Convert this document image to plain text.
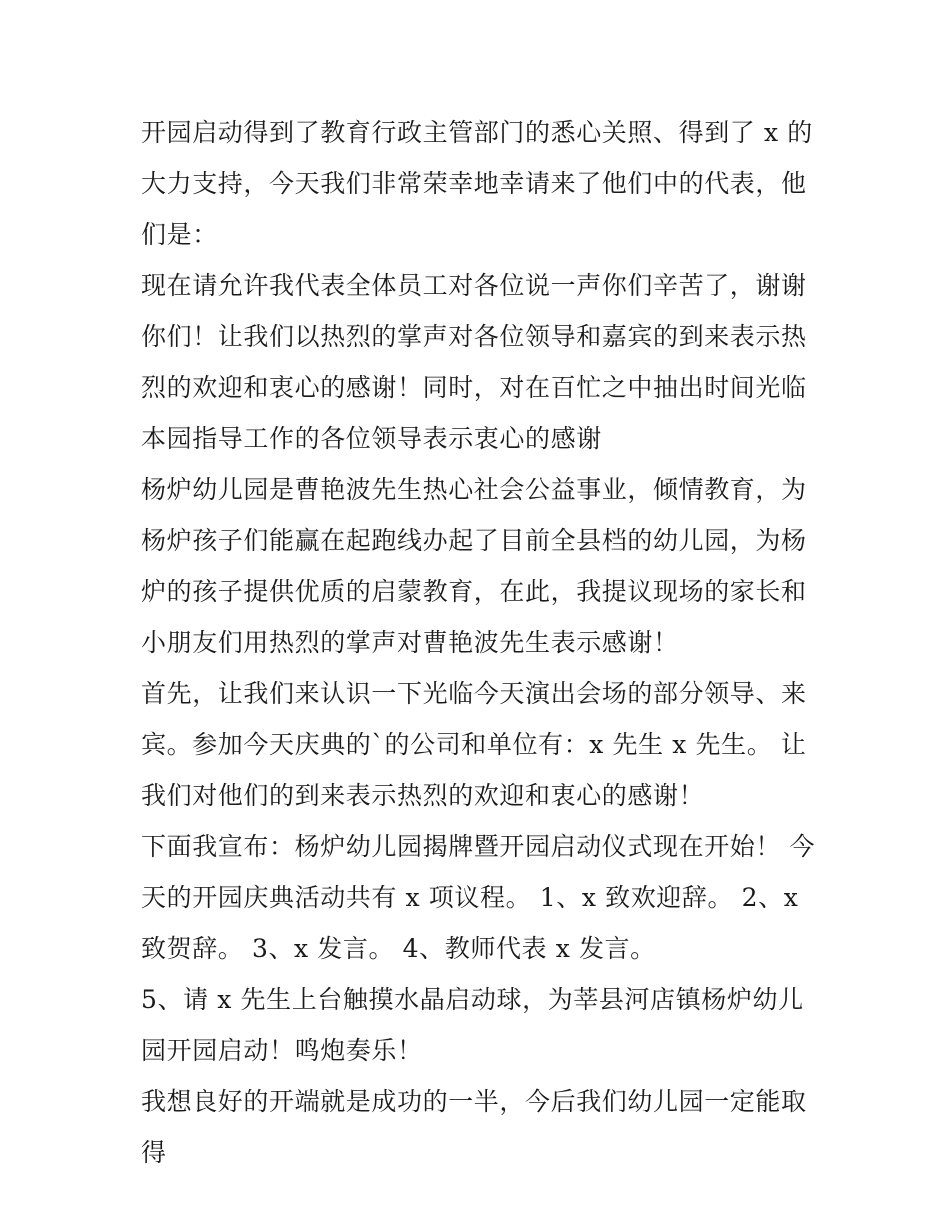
开园启动得到了教育行政主管部门的悉心关照、得到了 x 的大力支持，今天我们非常荣幸地幸请来了他们中的代表，他们是：

现在请允许我代表全体员工对各位说一声你们辛苦了，谢谢你们！让我们以热烈的掌声对各位领导和嘉宾的到来表示热烈的欢迎和衷心的感谢！同时，对在百忙之中抽出时间光临本园指导工作的各位领导表示衷心的感谢

杨炉幼儿园是曹艳波先生热心社会公益事业，倾情教育，为杨炉孩子们能赢在起跑线办起了目前全县档的幼儿园，为杨炉的孩子提供优质的启蒙教育，在此，我提议现场的家长和小朋友们用热烈的掌声对曹艳波先生表示感谢！

首先，让我们来认识一下光临今天演出会场的部分领导、来宾。参加今天庆典的`的公司和单位有：x 先生 x 先生。 让我们对他们的到来表示热烈的欢迎和衷心的感谢！

下面我宣布：杨炉幼儿园揭牌暨开园启动仪式现在开始！ 今天的开园庆典活动共有 x 项议程。 1、x 致欢迎辞。 2、x 致贺辞。 3、x 发言。 4、教师代表 x 发言。

5、请 x 先生上台触摸水晶启动球，为莘县河店镇杨炉幼儿园开园启动！鸣炮奏乐！

我想良好的开端就是成功的一半，今后我们幼儿园一定能取得
